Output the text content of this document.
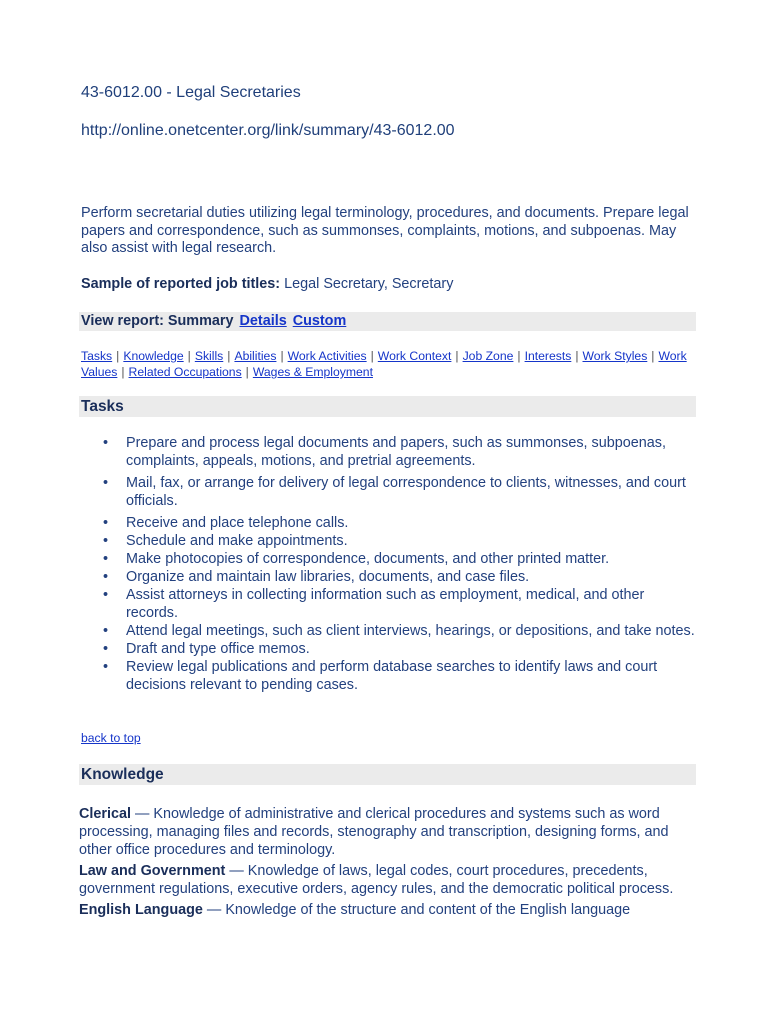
43-6012.00 - Legal Secretaries
http://online.onetcenter.org/link/summary/43-6012.00

Perform secretarial duties utilizing legal terminology, procedures, and documents. Prepare legal papers and correspondence, such as summonses, complaints, motions, and subpoenas. May also assist with legal research.

Sample of reported job titles: Legal Secretary, Secretary
View report: Summary Details Custom
Tasks | Knowledge | Skills | Abilities | Work Activities | Work Context | Job Zone | Interests | Work Styles | Work Values | Related Occupations | Wages & Employment
Tasks
• Prepare and process legal documents and papers, such as summonses, subpoenas, complaints, appeals, motions, and pretrial agreements.
• Mail, fax, or arrange for delivery of legal correspondence to clients, witnesses, and court officials.
• Receive and place telephone calls.
• Schedule and make appointments.
• Make photocopies of correspondence, documents, and other printed matter.
• Organize and maintain law libraries, documents, and case files.
• Assist attorneys in collecting information such as employment, medical, and other records.
• Attend legal meetings, such as client interviews, hearings, or depositions, and take notes.
• Draft and type office memos.
• Review legal publications and perform database searches to identify laws and court decisions relevant to pending cases.
back to top
Knowledge

Clerical — Knowledge of administrative and clerical procedures and systems such as word processing, managing files and records, stenography and transcription, designing forms, and other office procedures and terminology.

Law and Government — Knowledge of laws, legal codes, court procedures, precedents, government regulations, executive orders, agency rules, and the democratic political process.

English Language — Knowledge of the structure and content of the English language
